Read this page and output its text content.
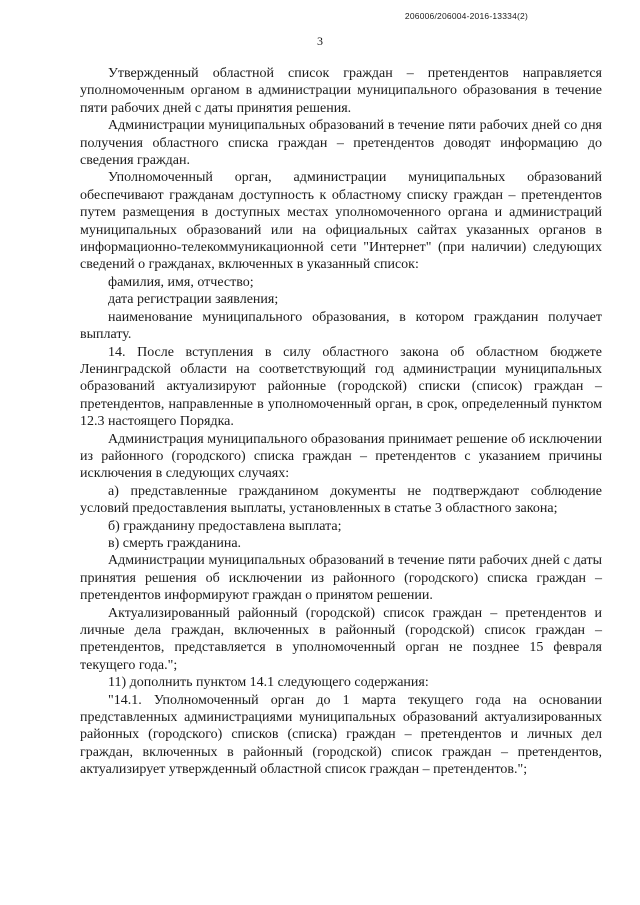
206006/206004-2016-13334(2)
3

Утвержденный областной список граждан – претендентов направляется уполномоченным органом в администрации муниципального образования в течение пяти рабочих дней с даты принятия решения.

Администрации муниципальных образований в течение пяти рабочих дней со дня получения областного списка граждан – претендентов доводят информацию до сведения граждан.

Уполномоченный орган, администрации муниципальных образований обеспечивают гражданам доступность к областному списку граждан – претендентов путем размещения в доступных местах уполномоченного органа и администраций муниципальных образований или на официальных сайтах указанных органов в информационно-телекоммуникационной сети "Интернет" (при наличии) следующих сведений о гражданах, включенных в указанный список:

фамилия, имя, отчество;

дата регистрации заявления;

наименование муниципального образования, в котором гражданин получает выплату.

14. После вступления в силу областного закона об областном бюджете Ленинградской области на соответствующий год администрации муниципальных образований актуализируют районные (городской) списки (список) граждан – претендентов, направленные в уполномоченный орган, в срок, определенный пунктом 12.3 настоящего Порядка.

Администрация муниципального образования принимает решение об исключении из районного (городского) списка граждан – претендентов с указанием причины исключения в следующих случаях:

а) представленные гражданином документы не подтверждают соблюдение условий предоставления выплаты, установленных в статье 3 областного закона;

б) гражданину предоставлена выплата;

в) смерть гражданина.

Администрации муниципальных образований в течение пяти рабочих дней с даты принятия решения об исключении из районного (городского) списка граждан – претендентов информируют граждан о принятом решении.

Актуализированный районный (городской) список граждан – претендентов и личные дела граждан, включенных в районный (городской) список граждан – претендентов, представляется в уполномоченный орган не позднее 15 февраля текущего года.";

11) дополнить пунктом 14.1 следующего содержания:

"14.1. Уполномоченный орган до 1 марта текущего года на основании представленных администрациями муниципальных образований актуализированных районных (городского) списков (списка) граждан – претендентов и личных дел граждан, включенных в районный (городской) список граждан – претендентов, актуализирует утвержденный областной список граждан – претендентов.";
